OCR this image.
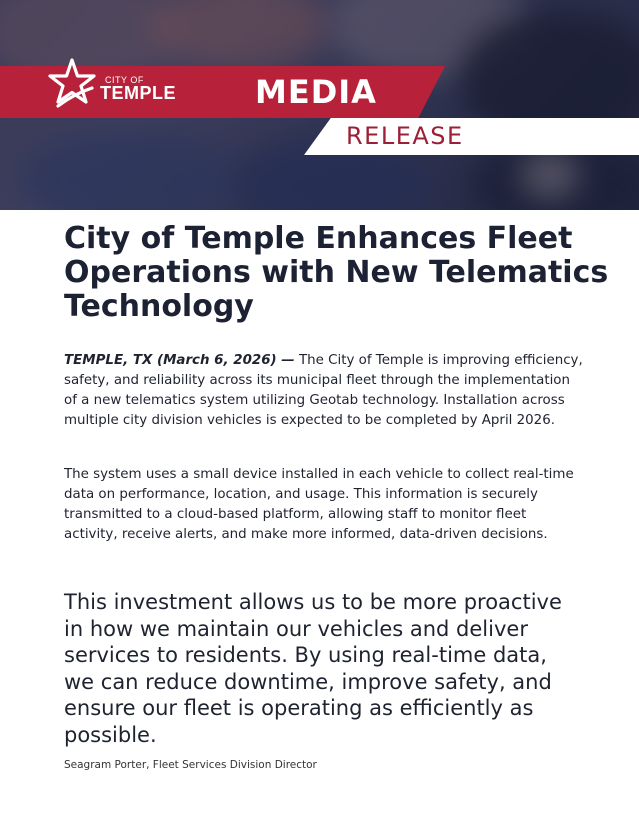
CITY OF
TEMPLE MEDIA
RELEASE
City of Temple Enhances Fleet Operations with New Telematics Technology

TEMPLE, TX (March 6, 2026) — The City of Temple is improving efficiency, safety, and reliability across its municipal fleet through the implementation of a new telematics system utilizing Geotab technology. Installation across multiple city division vehicles is expected to be completed by April 2026.

The system uses a small device installed in each vehicle to collect real-time data on performance, location, and usage. This information is securely transmitted to a cloud-based platform, allowing staff to monitor fleet activity, receive alerts, and make more informed, data-driven decisions.

This investment allows us to be more proactive in how we maintain our vehicles and deliver services to residents. By using real-time data, we can reduce downtime, improve safety, and ensure our fleet is operating as efficiently as possible.

Seagram Porter, Fleet Services Division Director
